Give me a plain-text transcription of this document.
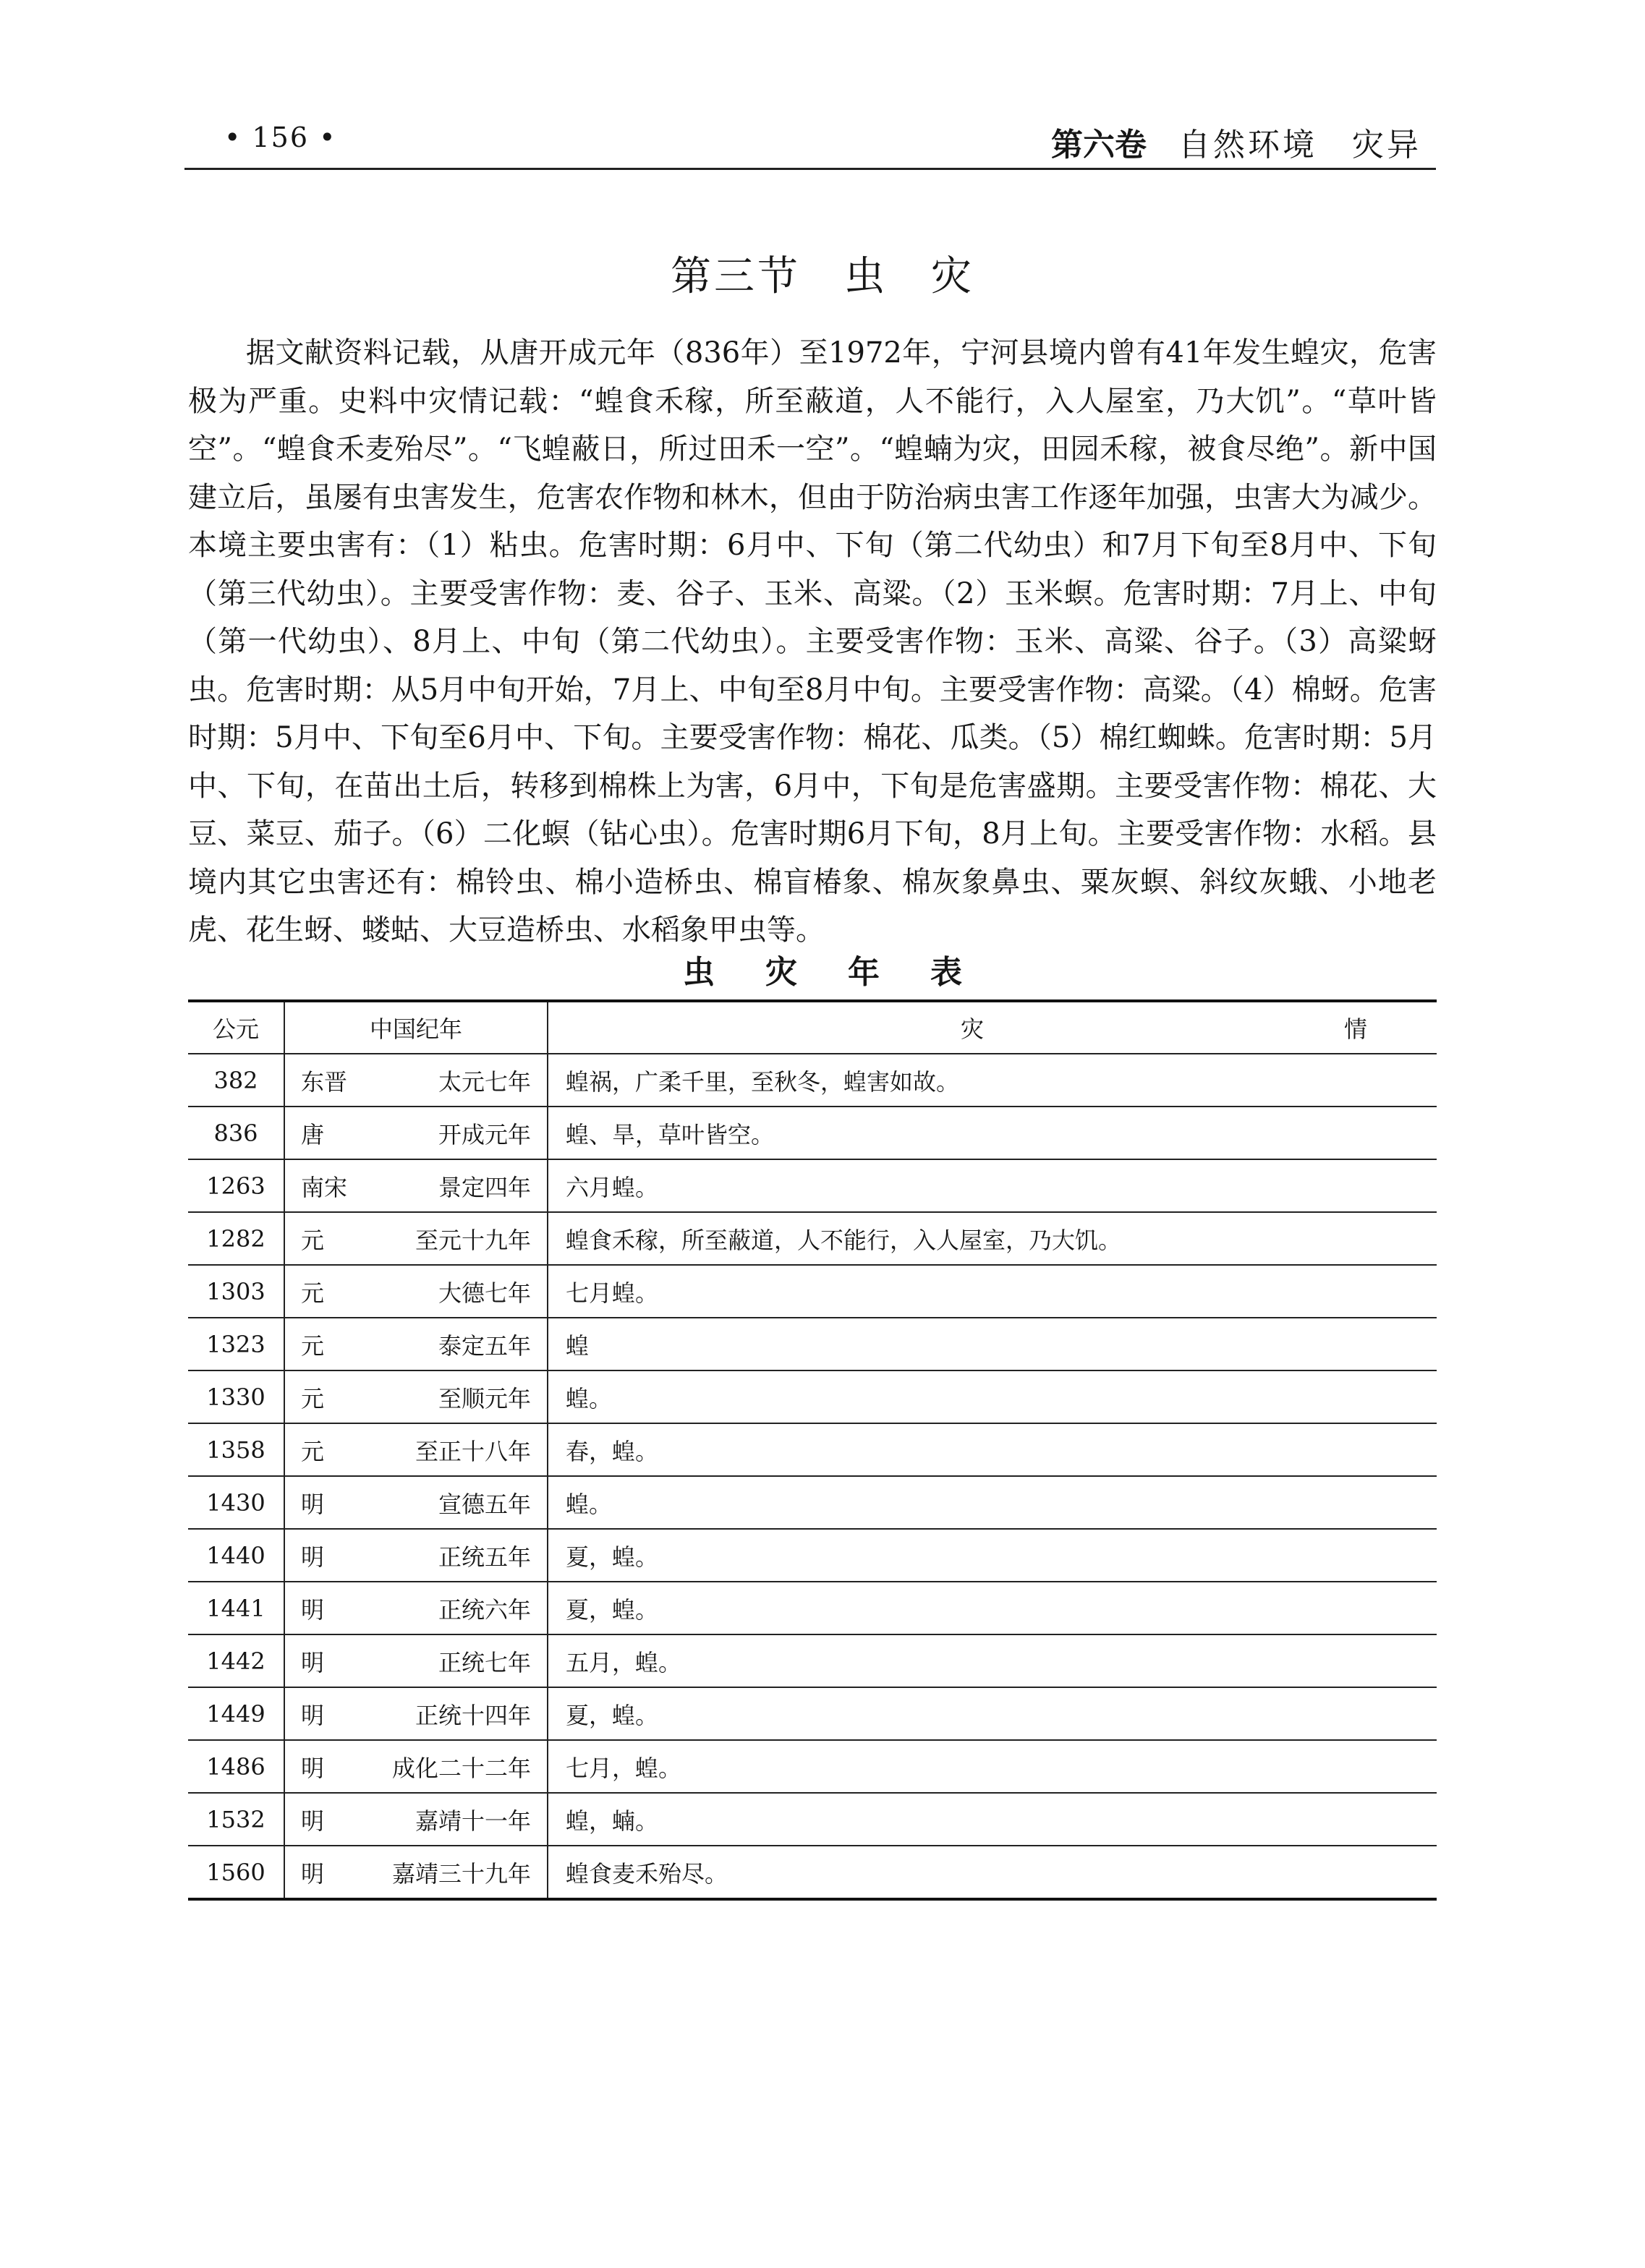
• 156 •	第六卷 自然环境　灾异
第三节 虫　灾

据文献资料记载，从唐开成元年（836年）至1972年，宁河县境内曾有41年发生蝗灾，危害极为严重。史料中灾情记载：“蝗食禾稼，所至蔽道，人不能行，入人屋室，乃大饥”。“草叶皆空”。“蝗食禾麦殆尽”。“飞蝗蔽日，所过田禾一空”。“蝗蝻为灾，田园禾稼，被食尽绝”。新中国建立后，虽屡有虫害发生，危害农作物和林木，但由于防治病虫害工作逐年加强，虫害大为减少。本境主要虫害有：（1）粘虫。危害时期：6月中、下旬（第二代幼虫）和7月下旬至8月中、下旬（第三代幼虫）。主要受害作物：麦、谷子、玉米、高粱。（2）玉米螟。危害时期：7月上、中旬（第一代幼虫）、8月上、中旬（第二代幼虫）。主要受害作物：玉米、高粱、谷子。（3）高粱蚜虫。危害时期：从5月中旬开始，7月上、中旬至8月中旬。主要受害作物：高粱。（4）棉蚜。危害时期：5月中、下旬至6月中、下旬。主要受害作物：棉花、瓜类。（5）棉红蜘蛛。危害时期：5月中、下旬，在苗出土后，转移到棉株上为害，6月中，下旬是危害盛期。主要受害作物：棉花、大豆、菜豆、茄子。（6）二化螟（钻心虫）。危害时期6月下旬，8月上旬。主要受害作物：水稻。县境内其它虫害还有：棉铃虫、棉小造桥虫、棉盲椿象、棉灰象鼻虫、粟灰螟、斜纹灰蛾、小地老虎、花生蚜、蝼蛄、大豆造桥虫、水稻象甲虫等。

虫灾年表
公元	中国纪年	灾 情

382	东晋 太元七年	蝗祸，广柔千里，至秋冬，蝗害如故。
836	唐 开成元年	蝗、旱，草叶皆空。
1263	南宋 景定四年	六月蝗。
1282	元 至元十九年	蝗食禾稼，所至蔽道，人不能行，入人屋室，乃大饥。
1303	元 大德七年	七月蝗。
1323	元 泰定五年	蝗
1330	元 至顺元年	蝗。
1358	元 至正十八年	春，蝗。
1430	明 宣德五年	蝗。
1440	明 正统五年	夏，蝗。
1441	明 正统六年	夏，蝗。
1442	明 正统七年	五月，蝗。
1449	明 正统十四年	夏，蝗。
1486	明 成化二十二年	七月，蝗。
1532	明 嘉靖十一年	蝗，蝻。
1560	明 嘉靖三十九年	蝗食麦禾殆尽。
